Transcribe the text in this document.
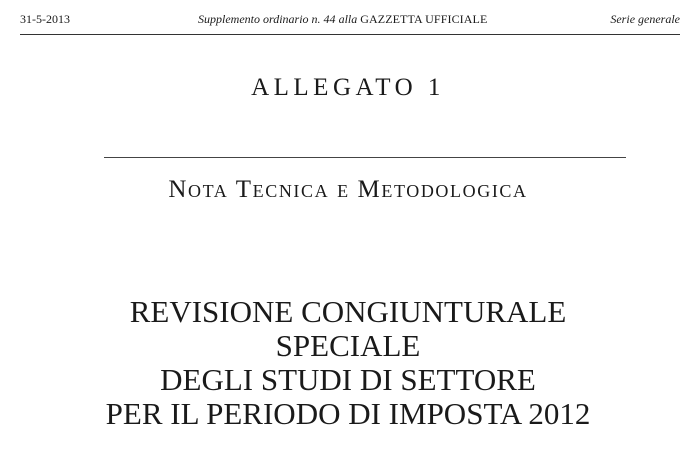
31-5-2013	Supplemento ordinario n. 44 alla GAZZETTA UFFICIALE	Serie generale
ALLEGATO 1
Nota Tecnica e Metodologica
REVISIONE CONGIUNTURALE
SPECIALE
DEGLI STUDI DI SETTORE
PER IL PERIODO DI IMPOSTA 2012
